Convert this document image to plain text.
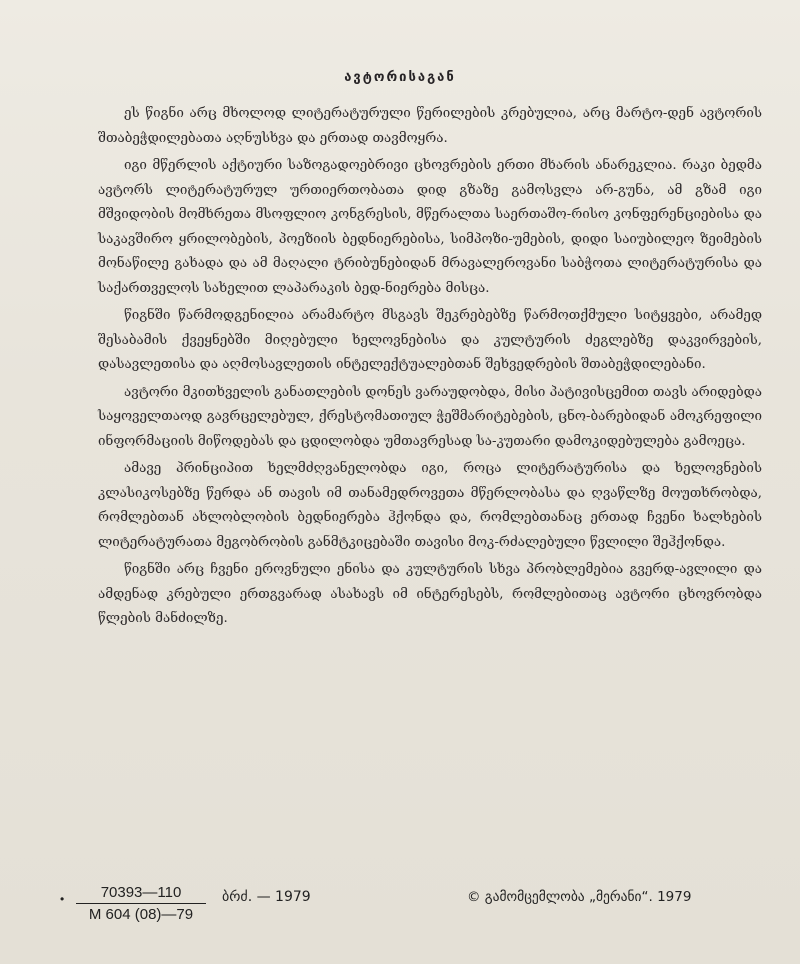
ავტორისაგან

ეს წიგნი არც მხოლოდ ლიტერატურული წერილების კრებულია, არც მარტო-დენ ავტორის შთაბეჭდილებათა აღნუსხვა და ერთად თავმოყრა.

იგი მწერლის აქტიური საზოგადოებრივი ცხოვრების ერთი მხარის ანარეკლია. რაკი ბედმა ავტორს ლიტერატურულ ურთიერთობათა დიდ გზაზე გამოსვლა არ-გუნა, ამ გზამ იგი მშვიდობის მომხრეთა მსოფლიო კონგრესის, მწერალთა საერთაშო-რისო კონფერენციებისა და საკავშირო ყრილობების, პოეზიის ბედნიერებისა, სიმპოზი-უმების, დიდი საიუბილეო ზეიმების მონაწილე გახადა და ამ მაღალი ტრიბუნებიდან მრავალეროვანი საბჭოთა ლიტერატურისა და საქართველოს სახელით ლაპარაკის ბედ-ნიერება მისცა.

წიგნში წარმოდგენილია არამარტო მსგავს შეკრებებზე წარმოთქმული სიტყვები, არამედ შესაბამის ქვეყნებში მიღებული ხელოვნებისა და კულტურის ძეგლებზე დაკვირვების, დასავლეთისა და აღმოსავლეთის ინტელექტუალებთან შეხვედრების შთაბეჭდილებანი.

ავტორი მკითხველის განათლების დონეს ვარაუდობდა, მისი პატივისცემით თავს არიდებდა საყოველთაოდ გავრცელებულ, ქრესტომათიულ ჭეშმარიტებების, ცნო-ბარებიდან ამოკრეფილი ინფორმაციის მიწოდებას და ცდილობდა უმთავრესად სა-კუთარი დამოკიდებულება გამოეცა.

ამავე პრინციპით ხელმძღვანელობდა იგი, როცა ლიტერატურისა და ხელოვნების კლასიკოსებზე წერდა ან თავის იმ თანამედროვეთა მწერლობასა და ღვაწლზე მოუთხრობდა, რომლებთან ახლობლობის ბედნიერება ჰქონდა და, რომლებთანაც ერთად ჩვენი ხალხების ლიტერატურათა მეგობრობის განმტკიცებაში თავისი მოკ-რძალებული წვლილი შეჰქონდა.

წიგნში არც ჩვენი ეროვნული ენისა და კულტურის სხვა პრობლემებია გვერდ-ავლილი და ამდენად კრებული ერთგვარად ასახავს იმ ინტერესებს, რომლებითაც ავტორი ცხოვრობდა წლების მანძილზე.

• $\frac{70393—110}{M 604 (08)—79}$ ბრძ. — 1979	© გამომცემლობა „მერანი“. 1979
